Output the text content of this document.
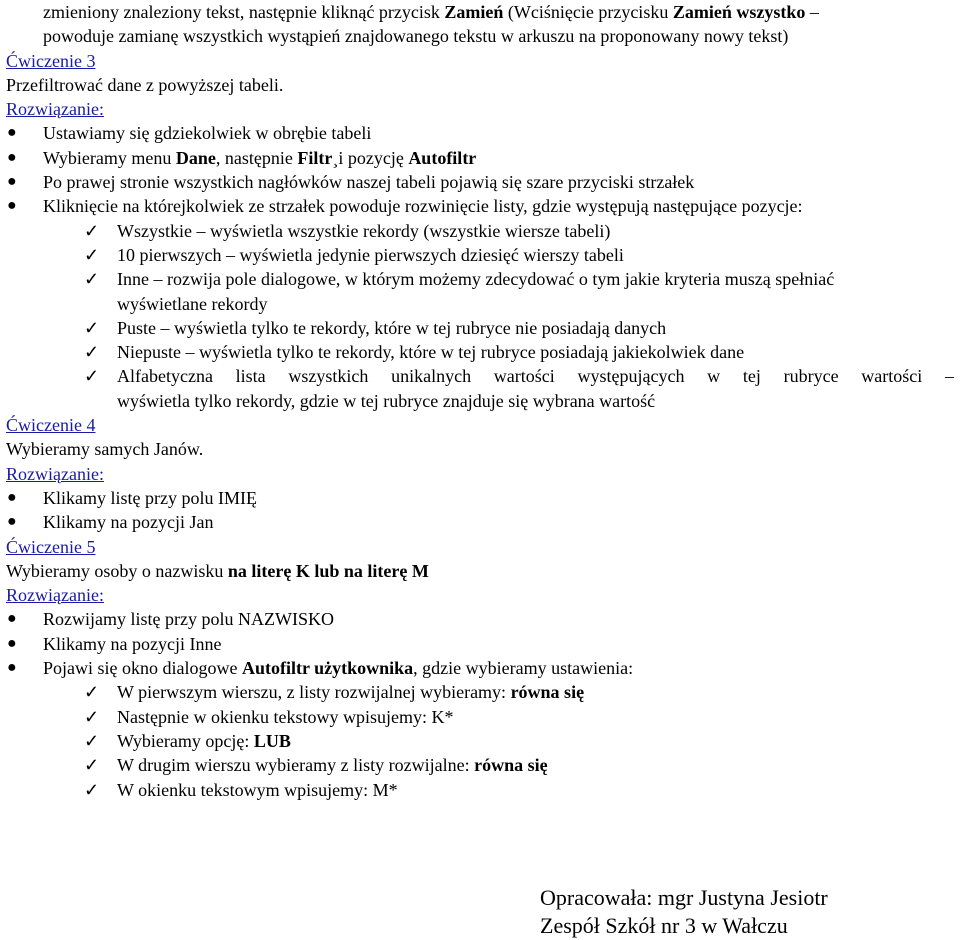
zmieniony znaleziony tekst, następnie kliknąć przycisk Zamień (Wciśnięcie przycisku Zamień wszystko –
powoduje zamianę wszystkich wystąpień znajdowanego tekstu w arkuszu na proponowany nowy tekst)
Ćwiczenie 3
Przefiltrować dane z powyższej tabeli.
Rozwiązanie:
● Ustawiamy się gdziekolwiek w obrębie tabeli
● Wybieramy menu Dane, następnie Filtr¸i pozycję Autofiltr
● Po prawej stronie wszystkich nagłówków naszej tabeli pojawią się szare przyciski strzałek
● Kliknięcie na którejkolwiek ze strzałek powoduje rozwinięcie listy, gdzie występują następujące pozycje:
✓ Wszystkie – wyświetla wszystkie rekordy (wszystkie wiersze tabeli)
✓ 10 pierwszych – wyświetla jedynie pierwszych dziesięć wierszy tabeli
✓ Inne – rozwija pole dialogowe, w którym możemy zdecydować o tym jakie kryteria muszą spełniać
wyświetlane rekordy
✓ Puste – wyświetla tylko te rekordy, które w tej rubryce nie posiadają danych
✓ Niepuste – wyświetla tylko te rekordy, które w tej rubryce posiadają jakiekolwiek dane
✓ Alfabetyczna lista wszystkich unikalnych wartości występujących w tej rubryce wartości –
wyświetla tylko rekordy, gdzie w tej rubryce znajduje się wybrana wartość
Ćwiczenie 4
Wybieramy samych Janów.
Rozwiązanie:
● Klikamy listę przy polu IMIĘ
● Klikamy na pozycji Jan
Ćwiczenie 5
Wybieramy osoby o nazwisku na literę K lub na literę M
Rozwiązanie:
● Rozwijamy listę przy polu NAZWISKO
● Klikamy na pozycji Inne
● Pojawi się okno dialogowe Autofiltr użytkownika, gdzie wybieramy ustawienia:
✓ W pierwszym wierszu, z listy rozwijalnej wybieramy: równa się
✓ Następnie w okienku tekstowy wpisujemy: K*
✓ Wybieramy opcję: LUB
✓ W drugim wierszu wybieramy z listy rozwijalne: równa się
✓ W okienku tekstowym wpisujemy: M*
Opracowała: mgr Justyna Jesiotr
Zespół Szkół nr 3 w Wałczu
